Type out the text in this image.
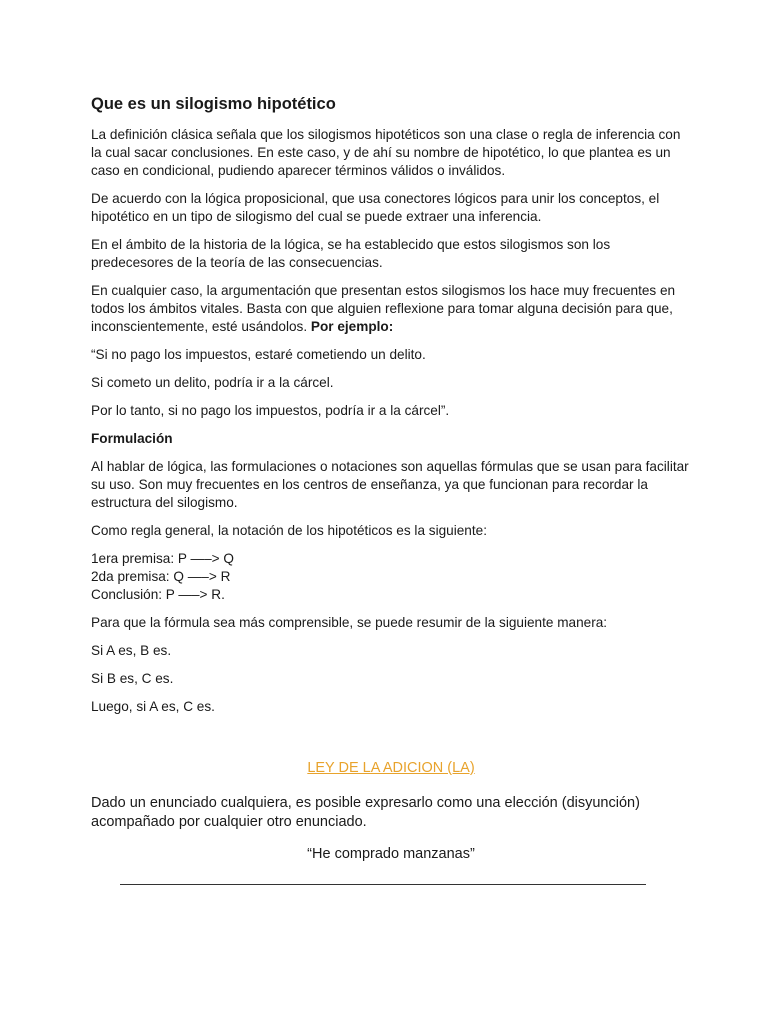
Que es un silogismo hipotético

La definición clásica señala que los silogismos hipotéticos son una clase o regla de inferencia con la cual sacar conclusiones. En este caso, y de ahí su nombre de hipotético, lo que plantea es un caso en condicional, pudiendo aparecer términos válidos o inválidos.

De acuerdo con la lógica proposicional, que usa conectores lógicos para unir los conceptos, el hipotético en un tipo de silogismo del cual se puede extraer una inferencia.

En el ámbito de la historia de la lógica, se ha establecido que estos silogismos son los predecesores de la teoría de las consecuencias.

En cualquier caso, la argumentación que presentan estos silogismos los hace muy frecuentes en todos los ámbitos vitales. Basta con que alguien reflexione para tomar alguna decisión para que, inconscientemente, esté usándolos. Por ejemplo:

“Si no pago los impuestos, estaré cometiendo un delito.

Si cometo un delito, podría ir a la cárcel.

Por lo tanto, si no pago los impuestos, podría ir a la cárcel”.

Formulación

Al hablar de lógica, las formulaciones o notaciones son aquellas fórmulas que se usan para facilitar su uso. Son muy frecuentes en los centros de enseñanza, ya que funcionan para recordar la estructura del silogismo.

Como regla general, la notación de los hipotéticos es la siguiente:

1era premisa: P —–> Q

2da premisa: Q —–> R

Conclusión: P —–> R.

Para que la fórmula sea más comprensible, se puede resumir de la siguiente manera:

Si A es, B es.

Si B es, C es.

Luego, si A es, C es.

LEY DE LA ADICION (LA)

Dado un enunciado cualquiera, es posible expresarlo como una elección (disyunción) acompañado por cualquier otro enunciado.

“He comprado manzanas”
